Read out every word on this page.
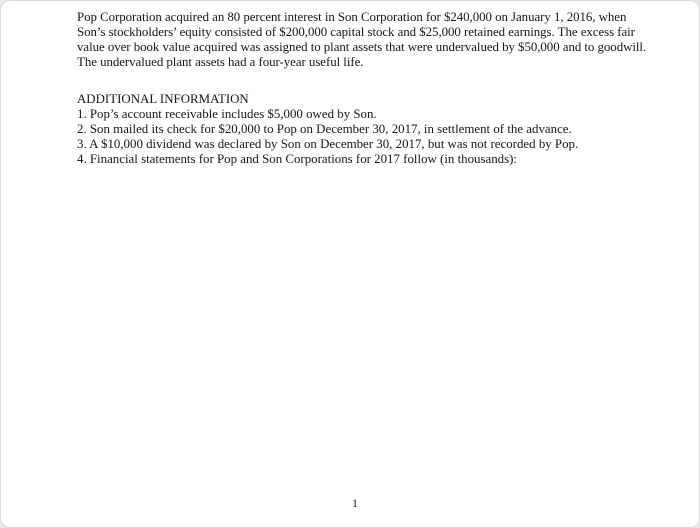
Pop Corporation acquired an 80 percent interest in Son Corporation for $240,000 on January 1, 2016, when Son’s stockholders’ equity consisted of $200,000 capital stock and $25,000 retained earnings. The excess fair value over book value acquired was assigned to plant assets that were undervalued by $50,000 and to goodwill. The undervalued plant assets had a four-year useful life.

ADDITIONAL INFORMATION
1. Pop’s account receivable includes $5,000 owed by Son.
2. Son mailed its check for $20,000 to Pop on December 30, 2017, in settlement of the advance.
3. A $10,000 dividend was declared by Son on December 30, 2017, but was not recorded by Pop.
4. Financial statements for Pop and Son Corporations for 2017 follow (in thousands):
1
